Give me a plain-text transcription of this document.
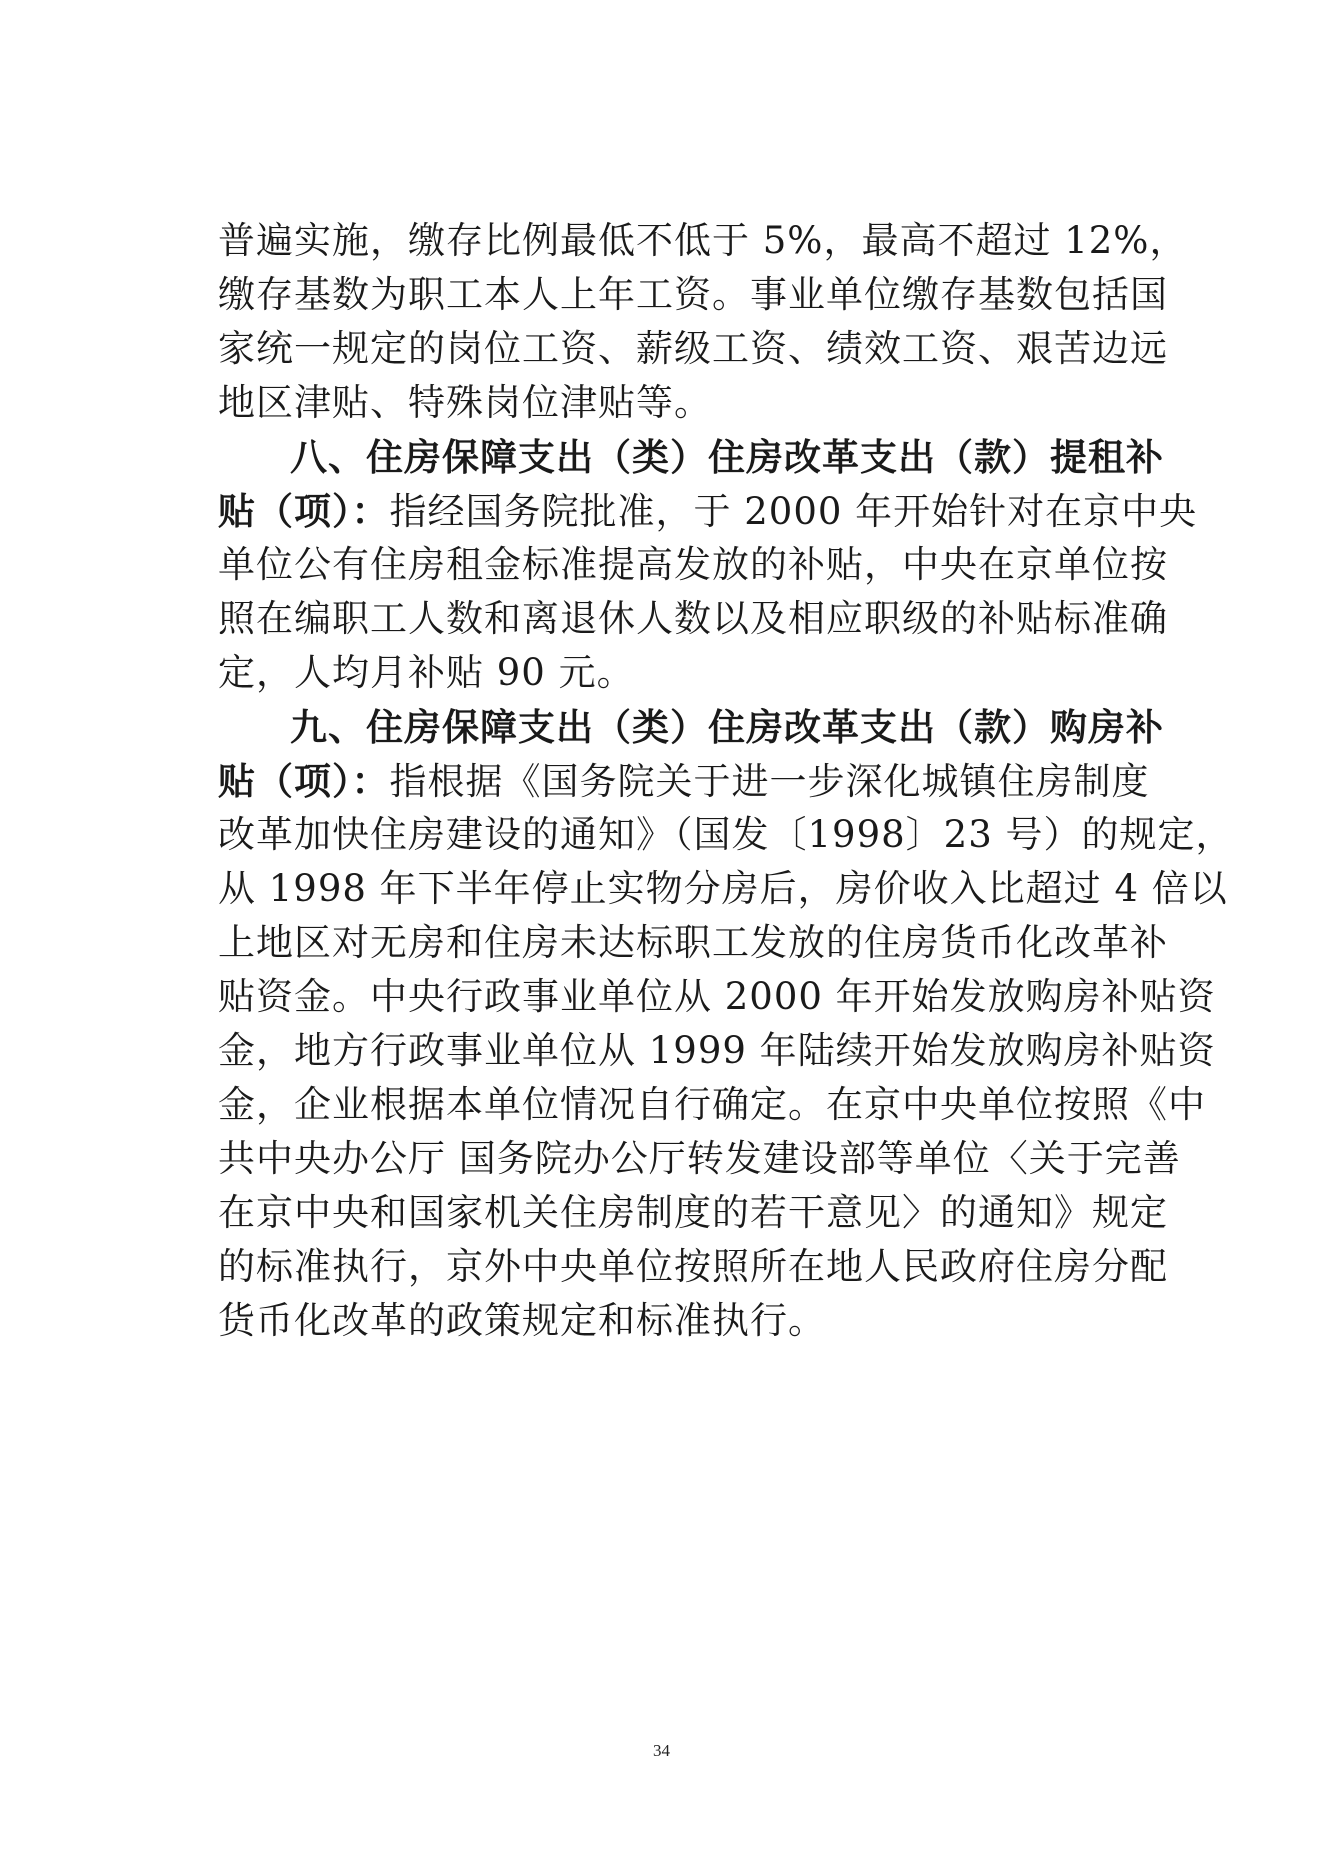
普遍实施，缴存比例最低不低于 5%，最高不超过 12%，
缴存基数为职工本人上年工资。事业单位缴存基数包括国
家统一规定的岗位工资、薪级工资、绩效工资、艰苦边远
地区津贴、特殊岗位津贴等。
八、住房保障支出（类）住房改革支出（款）提租补
贴（项）：指经国务院批准，于 2000 年开始针对在京中央
单位公有住房租金标准提高发放的补贴，中央在京单位按
照在编职工人数和离退休人数以及相应职级的补贴标准确
定，人均月补贴 90 元。
九、住房保障支出（类）住房改革支出（款）购房补
贴（项）：指根据《国务院关于进一步深化城镇住房制度
改革加快住房建设的通知》（国发〔1998〕23 号）的规定，
从 1998 年下半年停止实物分房后，房价收入比超过 4 倍以
上地区对无房和住房未达标职工发放的住房货币化改革补
贴资金。中央行政事业单位从 2000 年开始发放购房补贴资
金，地方行政事业单位从 1999 年陆续开始发放购房补贴资
金，企业根据本单位情况自行确定。在京中央单位按照《中
共中央办公厅 国务院办公厅转发建设部等单位〈关于完善
在京中央和国家机关住房制度的若干意见〉的通知》规定
的标准执行，京外中央单位按照所在地人民政府住房分配
货币化改革的政策规定和标准执行。
34
